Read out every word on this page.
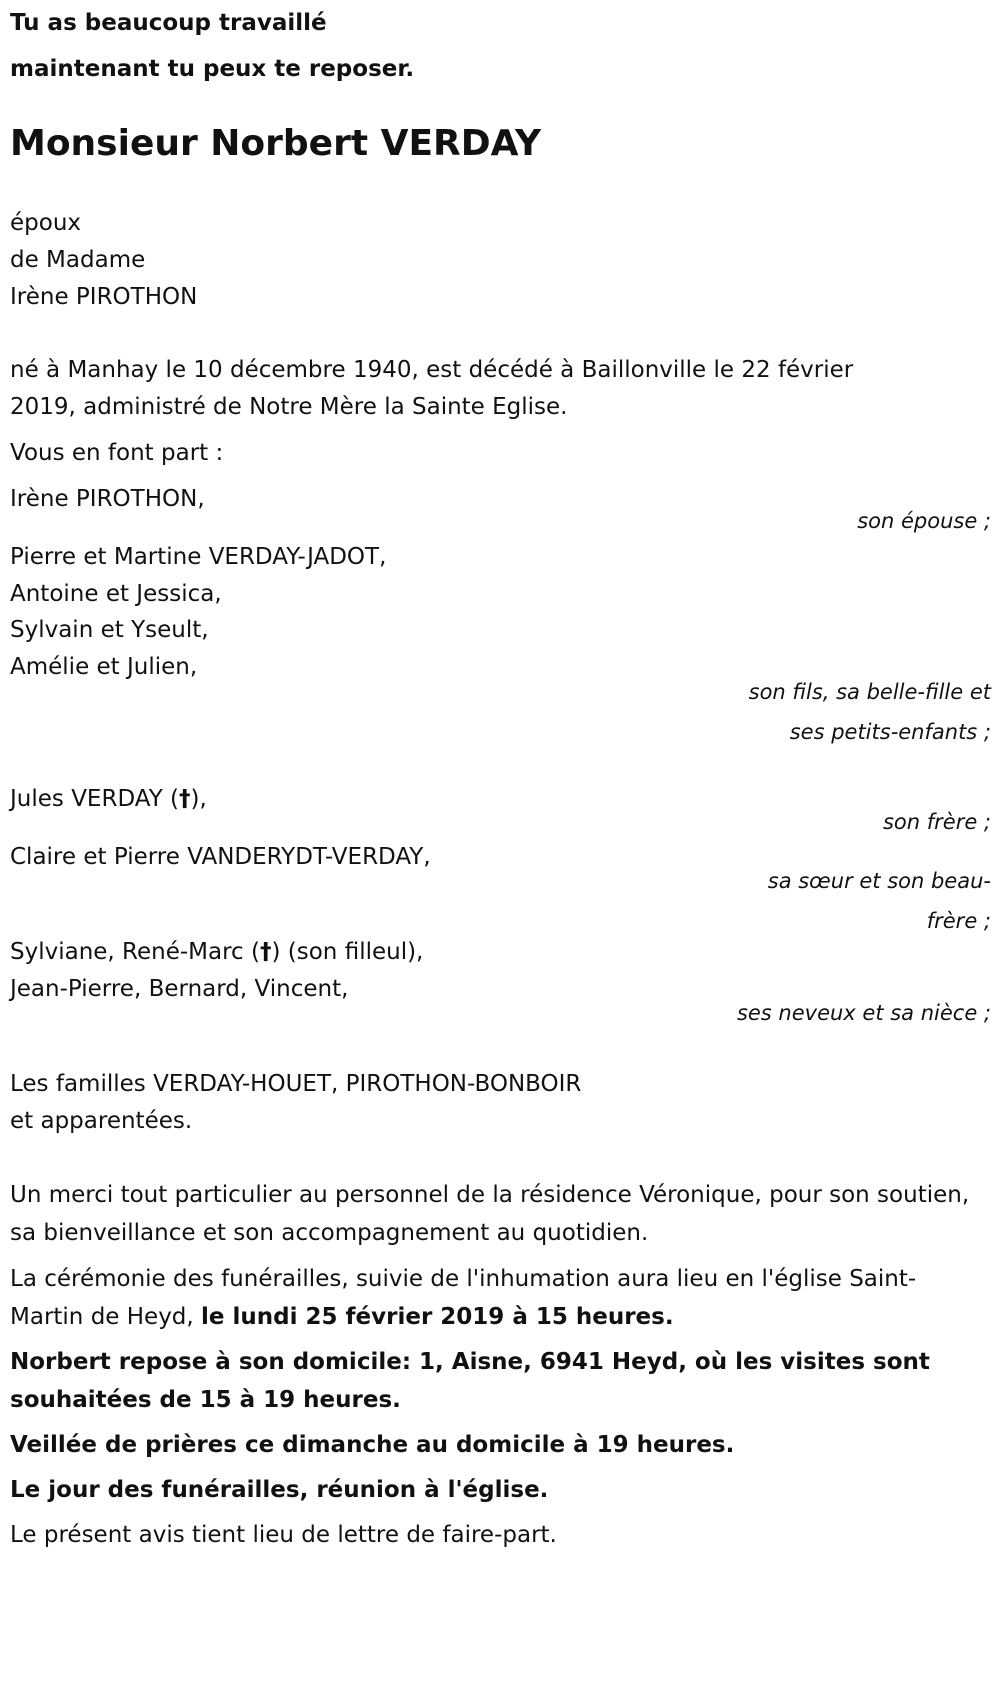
Tu as beaucoup travaillé
maintenant tu peux te reposer.
Monsieur Norbert VERDAY
époux
de Madame
Irène PIROTHON
né à Manhay le 10 décembre 1940, est décédé à Baillonville le 22 février
2019, administré de Notre Mère la Sainte Eglise.
Vous en font part :
Irène PIROTHON,
son épouse ;
Pierre et Martine VERDAY-JADOT,
Antoine et Jessica,
Sylvain et Yseult,
Amélie et Julien,
son fils, sa belle-fille et ses petits-enfants ;
Jules VERDAY (†),
son frère ;
Claire et Pierre VANDERYDT-VERDAY,
sa sœur et son beau-frère ;
Sylviane, René-Marc (†) (son filleul),
Jean-Pierre, Bernard, Vincent,
ses neveux et sa nièce ;
Les familles VERDAY-HOUET, PIROTHON-BONBOIR
et apparentées.
Un merci tout particulier au personnel de la résidence Véronique, pour son soutien, sa bienveillance et son accompagnement au quotidien.
La cérémonie des funérailles, suivie de l'inhumation aura lieu en l'église Saint-Martin de Heyd, le lundi 25 février 2019 à 15 heures.
Norbert repose à son domicile: 1, Aisne, 6941 Heyd, où les visites sont souhaitées de 15 à 19 heures.
Veillée de prières ce dimanche au domicile à 19 heures.
Le jour des funérailles, réunion à l'église.
Le présent avis tient lieu de lettre de faire-part.
